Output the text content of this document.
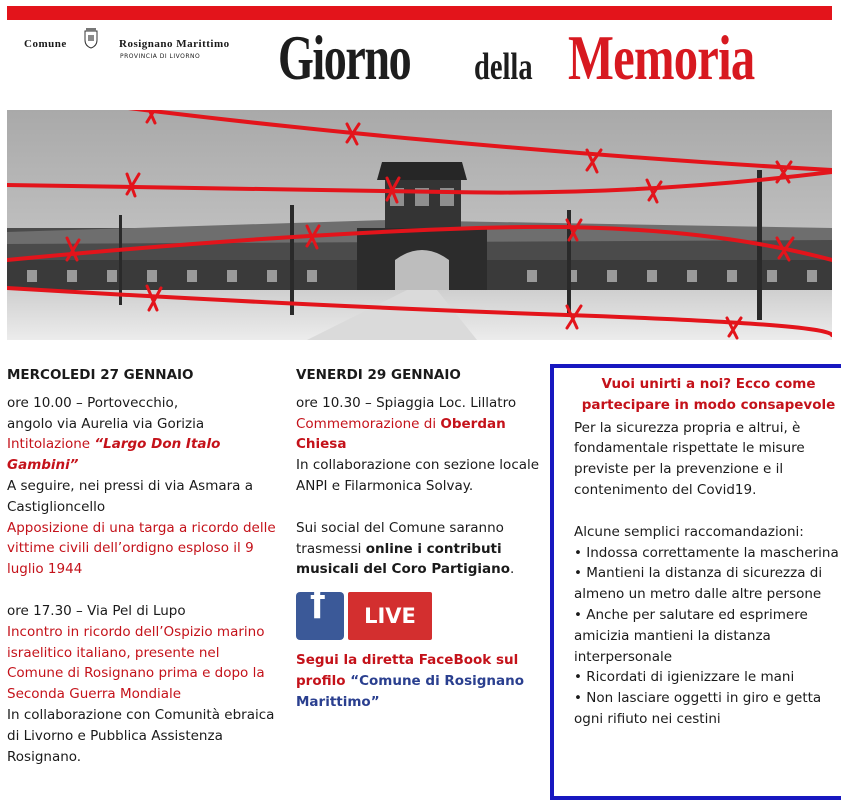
Comune	Rosignano Marittimo
PROVINCIA DI LIVORNO Giorno della Memoria
MERCOLEDI 27 GENNAIO
ore 10.00 – Portovecchio,
angolo via Aurelia via Gorizia
Intitolazione “Largo Don Italo Gambini”
A seguire, nei pressi di via Asmara a Castiglioncello
Apposizione di una targa a ricordo delle vittime civili dell’ordigno esploso il 9 luglio 1944
ore 17.30 – Via Pel di Lupo
Incontro in ricordo dell’Ospizio marino israelitico italiano, presente nel Comune di Rosignano prima e dopo la Seconda Guerra Mondiale
In collaborazione con Comunità ebraica di Livorno e Pubblica Assistenza Rosignano.
VENERDI 29 GENNAIO
ore 10.30 – Spiaggia Loc. Lillatro
Commemorazione di Oberdan Chiesa
In collaborazione con sezione locale ANPI e Filarmonica Solvay.
Sui social del Comune saranno trasmessi online i contributi musicali del Coro Partigiano.
f	LIVE
Segui la diretta FaceBook sul profilo “Comune di Rosignano Marittimo”
Vuoi unirti a noi? Ecco come partecipare in modo consapevole
Per la sicurezza propria e altrui, è fondamentale rispettate le misure previste per la prevenzione e il contenimento del Covid19.
Alcune semplici raccomandazioni:
• Indossa correttamente la mascherina
• Mantieni la distanza di sicurezza di almeno un metro dalle altre persone
• Anche per salutare ed esprimere amicizia mantieni la distanza interpersonale
• Ricordati di igienizzare le mani
• Non lasciare oggetti in giro e getta ogni rifiuto nei cestini
